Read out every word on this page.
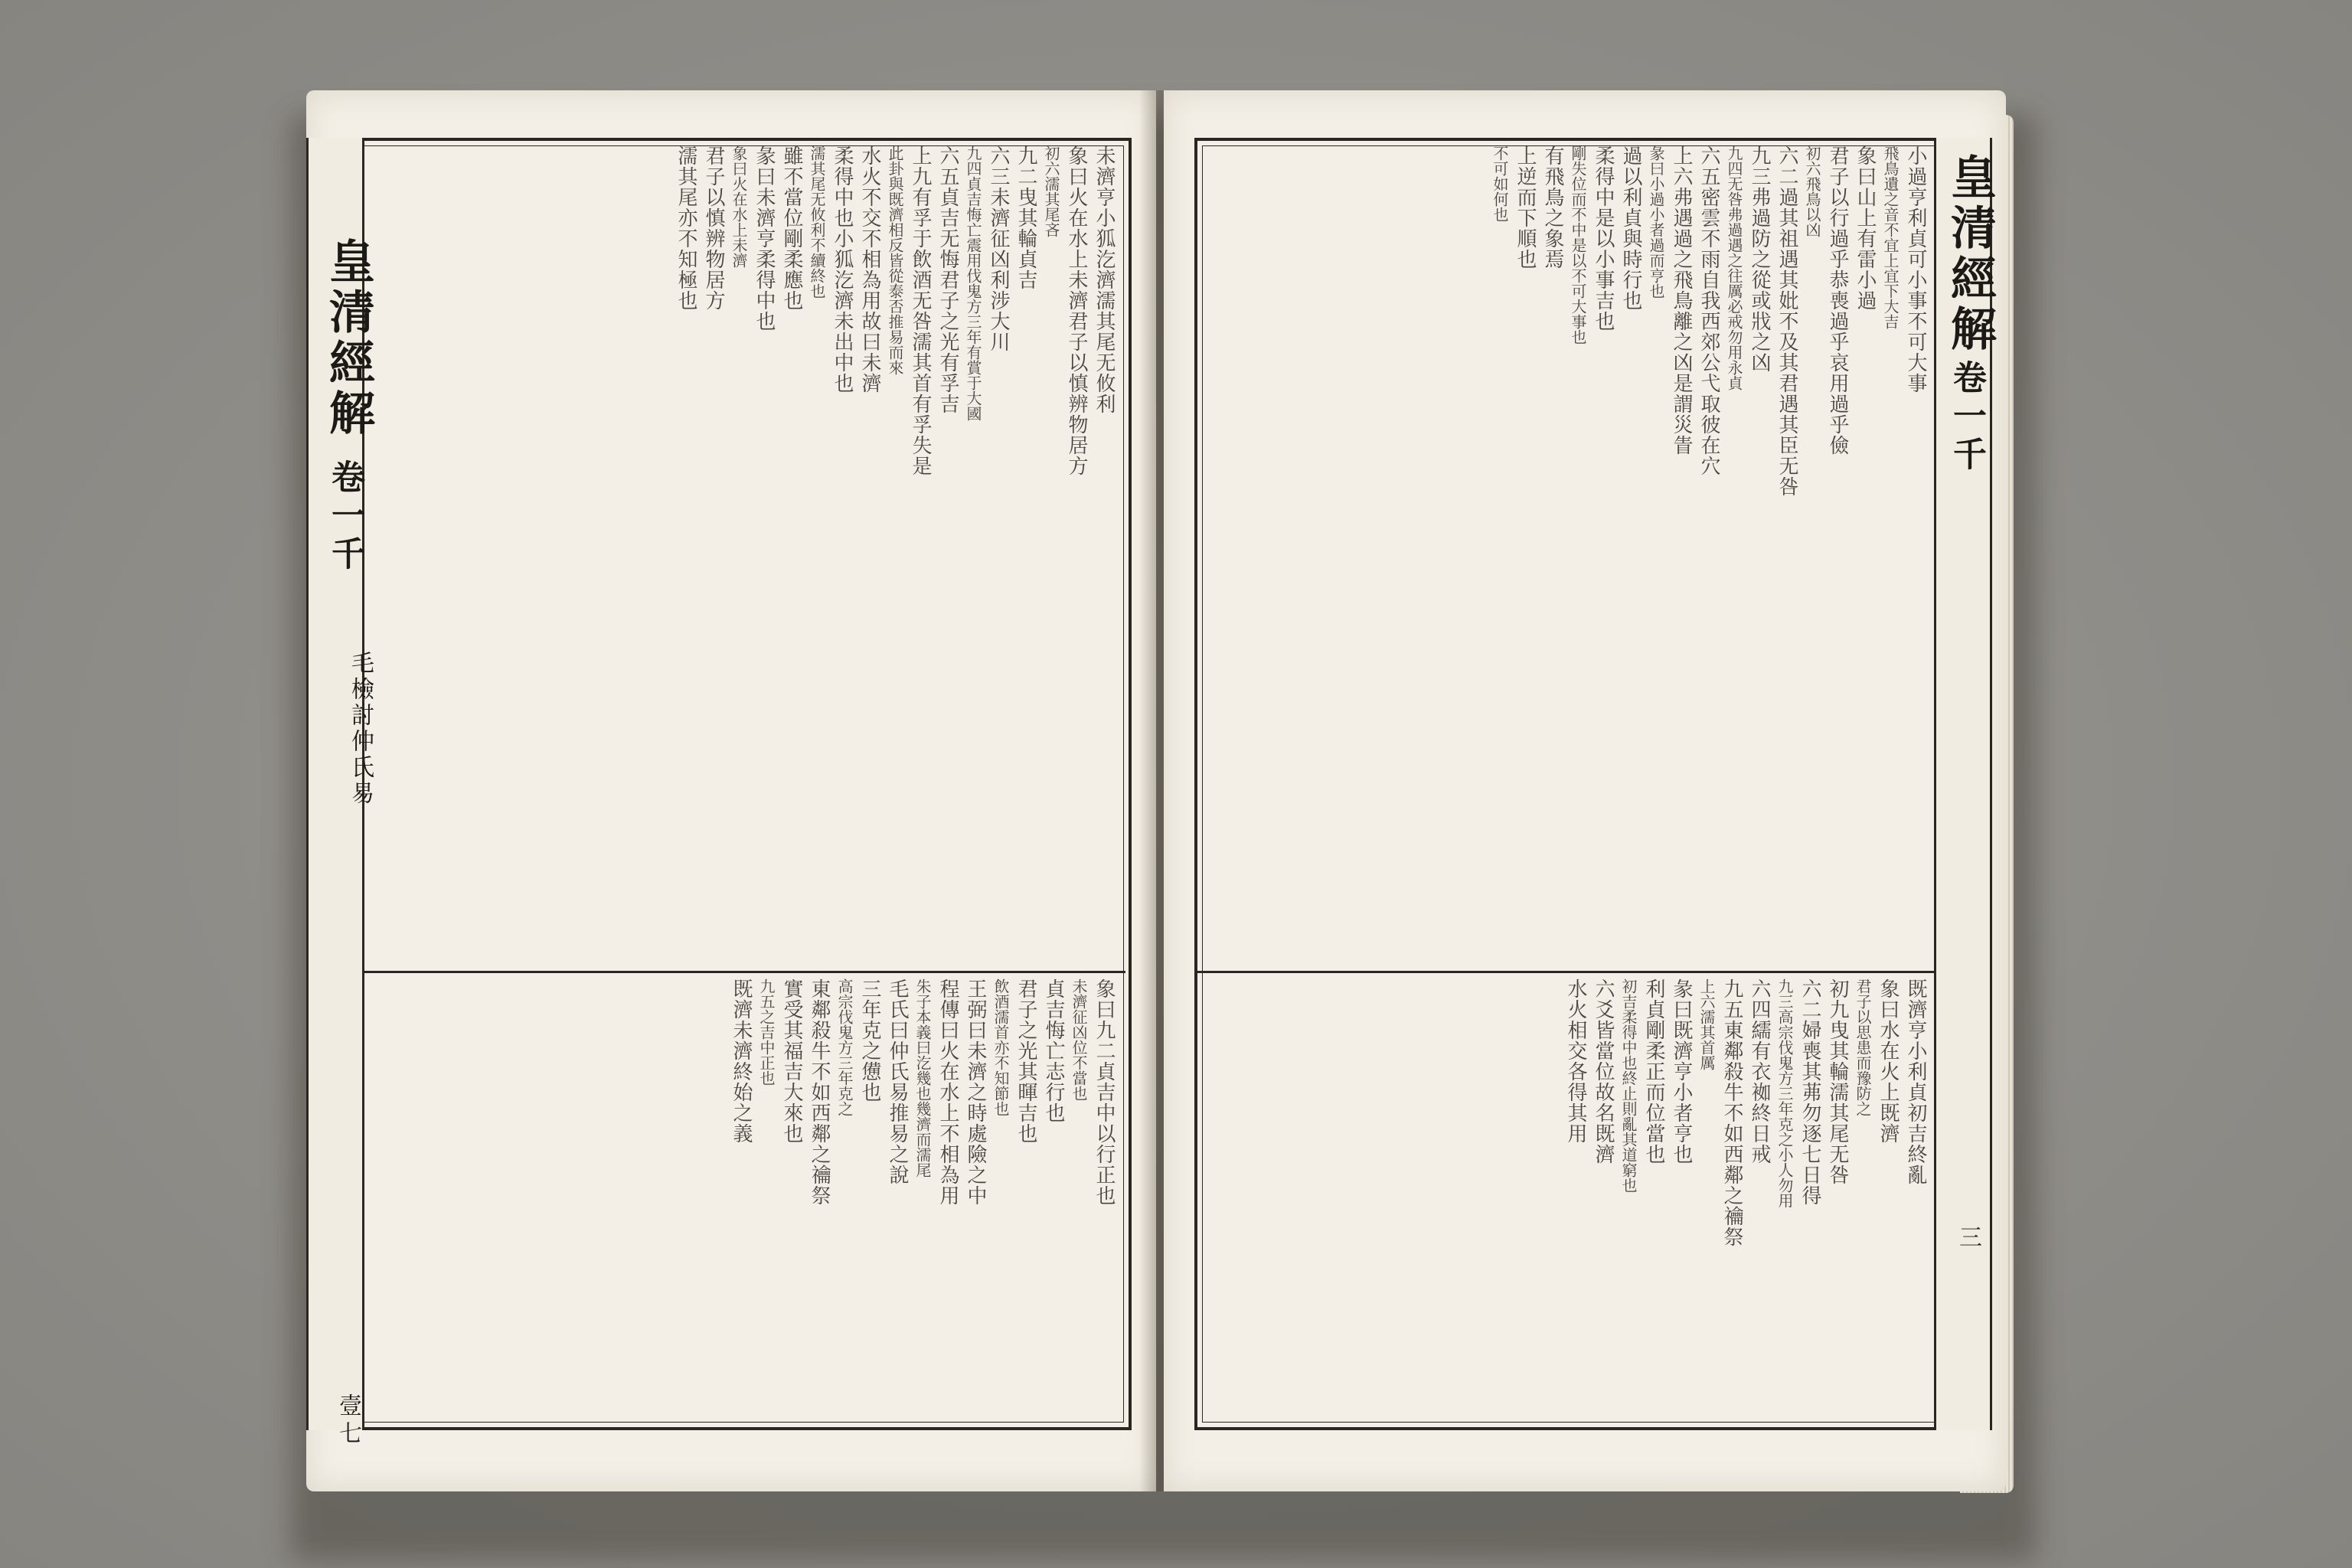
皇清經解
卷一千
壹七
毛檢討仲氏易
未濟亨小狐汔濟濡其尾无攸利
象曰火在水上未濟君子以慎辨物居方
初六濡其尾吝
九二曳其輪貞吉
六三未濟征凶利涉大川
九四貞吉悔亡震用伐鬼方三年有賞于大國
六五貞吉无悔君子之光有孚吉
上九有孚于飲酒无咎濡其首有孚失是
此卦與既濟相反皆從泰否推易而來
水火不交不相為用故曰未濟
柔得中也小狐汔濟未出中也
濡其尾无攸利不續終也
雖不當位剛柔應也
彖曰未濟亨柔得中也
象曰火在水上未濟
君子以慎辨物居方
濡其尾亦不知極也
象曰九二貞吉中以行正也
未濟征凶位不當也
貞吉悔亡志行也
君子之光其暉吉也
飲酒濡首亦不知節也
王弼曰未濟之時處險之中
程傳曰火在水上不相為用
朱子本義曰汔幾也幾濟而濡尾
毛氏曰仲氏易推易之說
三年克之憊也
高宗伐鬼方三年克之
東鄰殺牛不如西鄰之禴祭
實受其福吉大來也
九五之吉中正也
既濟未濟終始之義
皇清經解
卷一千
三
小過亨利貞可小事不可大事
飛鳥遺之音不宜上宜下大吉
象曰山上有雷小過
君子以行過乎恭喪過乎哀用過乎儉
初六飛鳥以凶
六二過其祖遇其妣不及其君遇其臣无咎
九三弗過防之從或戕之凶
九四无咎弗過遇之往厲必戒勿用永貞
六五密雲不雨自我西郊公弋取彼在穴
上六弗遇過之飛鳥離之凶是謂災眚
彖曰小過小者過而亨也
過以利貞與時行也
柔得中是以小事吉也
剛失位而不中是以不可大事也
有飛鳥之象焉
上逆而下順也
不可如何也
既濟亨小利貞初吉終亂
象曰水在火上既濟
君子以思患而豫防之
初九曳其輪濡其尾无咎
六二婦喪其茀勿逐七日得
九三高宗伐鬼方三年克之小人勿用
六四繻有衣袽終日戒
九五東鄰殺牛不如西鄰之禴祭
上六濡其首厲
彖曰既濟亨小者亨也
利貞剛柔正而位當也
初吉柔得中也終止則亂其道窮也
六爻皆當位故名既濟
水火相交各得其用
